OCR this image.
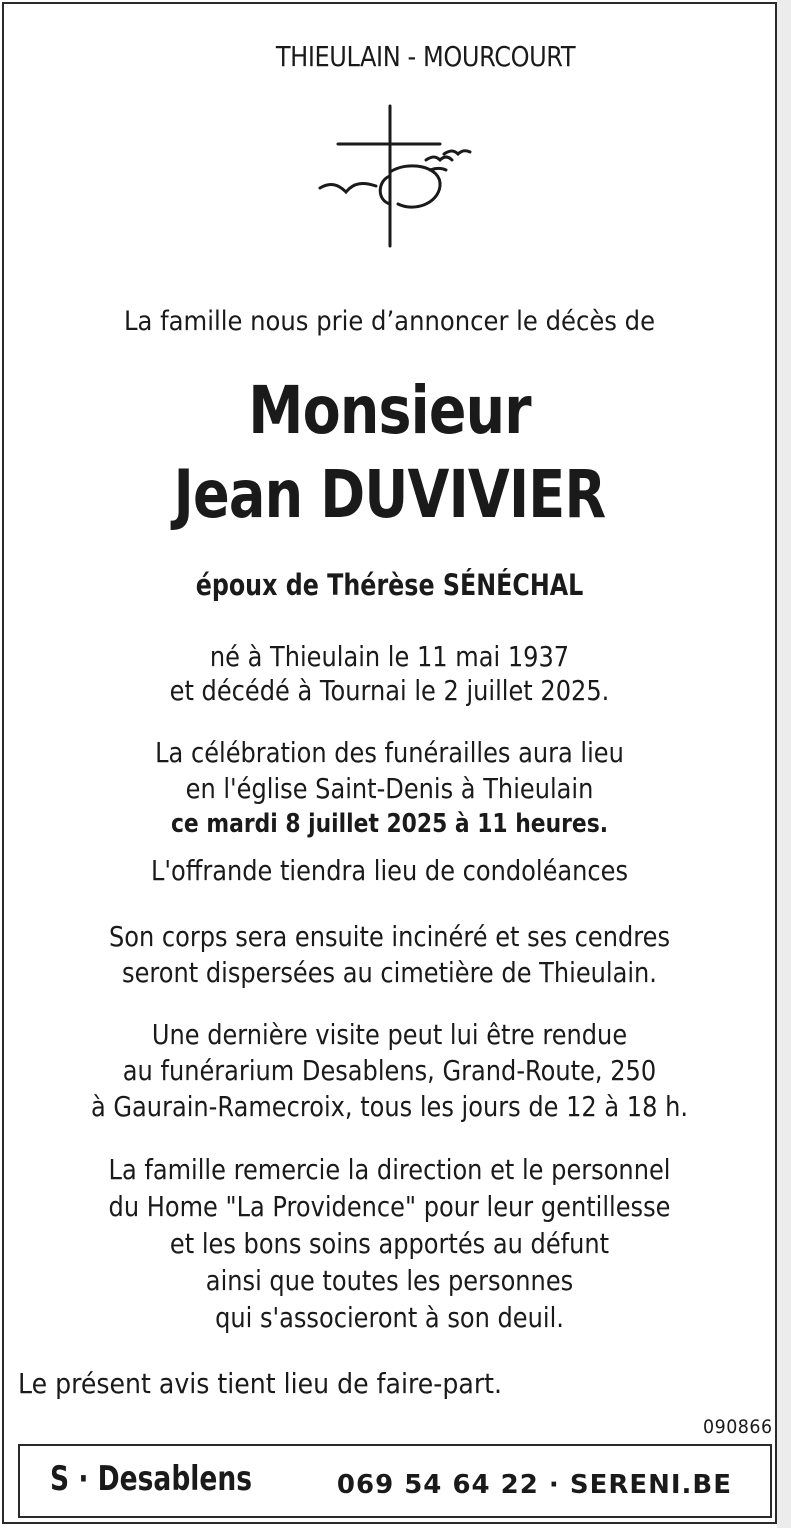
THIEULAIN - MOURCOURT
La famille nous prie d’annoncer le décès de
Monsieur
Jean DUVIVIER
époux de Thérèse SÉNÉCHAL
né à Thieulain le 11 mai 1937
et décédé à Tournai le 2 juillet 2025.
La célébration des funérailles aura lieu
en l'église Saint-Denis à Thieulain
ce mardi 8 juillet 2025 à 11 heures.
L'offrande tiendra lieu de condoléances
Son corps sera ensuite incinéré et ses cendres
seront dispersées au cimetière de Thieulain.
Une dernière visite peut lui être rendue
au funérarium Desablens, Grand-Route, 250
à Gaurain-Ramecroix, tous les jours de 12 à 18 h.
La famille remercie la direction et le personnel
du Home "La Providence" pour leur gentillesse
et les bons soins apportés au défunt
ainsi que toutes les personnes
qui s'associeront à son deuil.
Le présent avis tient lieu de faire-part.
090866
S · Desablens	069 54 64 22 · SERENI.BE
